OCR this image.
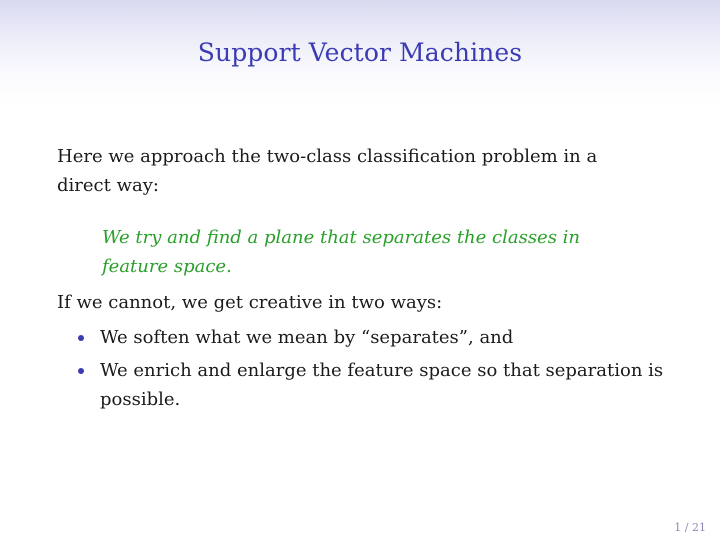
Support Vector Machines
Here we approach the two-class classification problem in a direct way:
We try and find a plane that separates the classes in feature space.
If we cannot, we get creative in two ways:
We soften what we mean by “separates”, and
We enrich and enlarge the feature space so that separation is possible.
1 / 21
